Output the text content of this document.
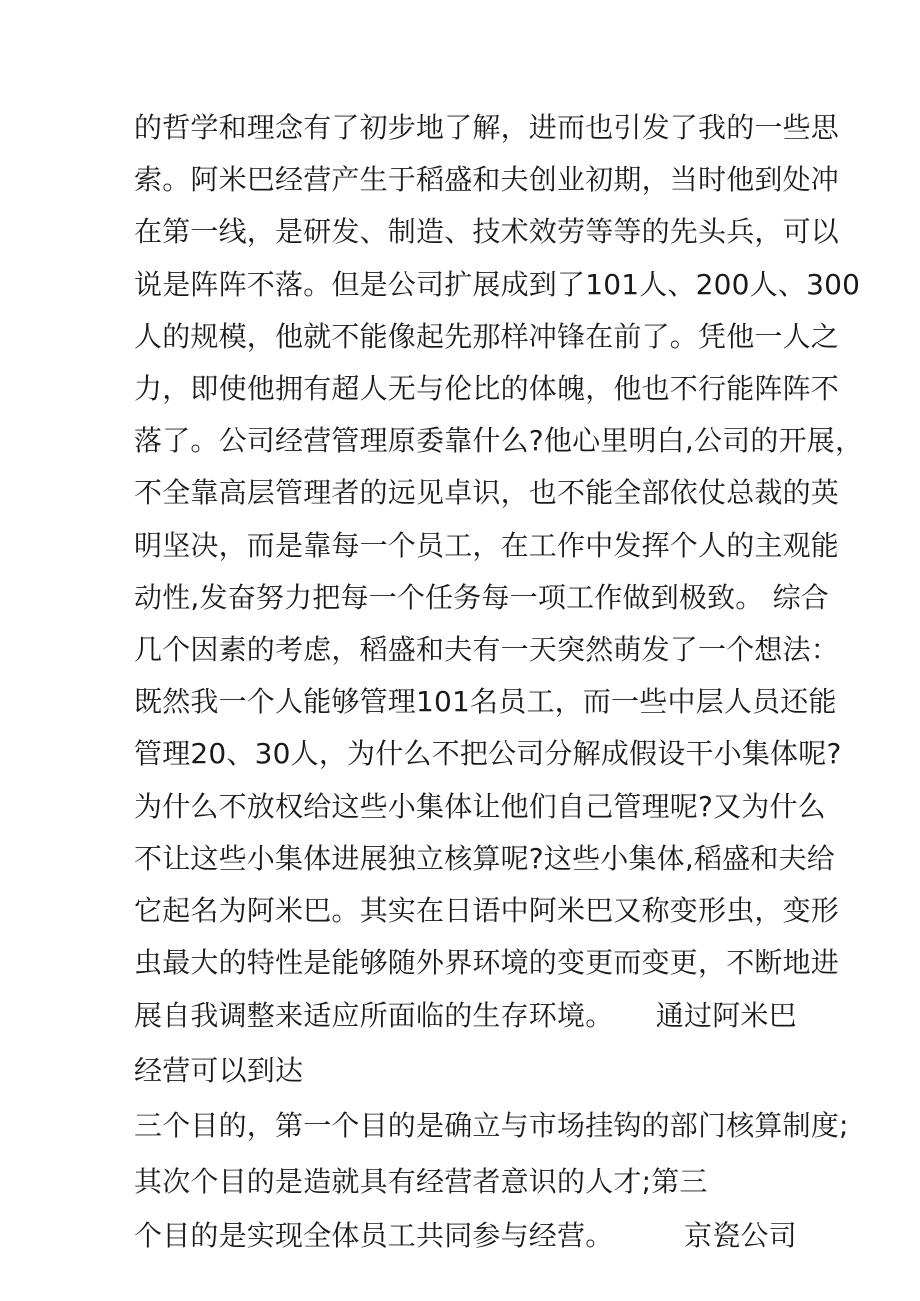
的哲学和理念有了初步地了解，进而也引发了我的一些思
索。阿米巴经营产生于稻盛和夫创业初期，当时他到处冲
在第一线，是研发、制造、技术效劳等等的先头兵，可以
说是阵阵不落。但是公司扩展成到了101人、200人、300
人的规模，他就不能像起先那样冲锋在前了。凭他一人之
力，即使他拥有超人无与伦比的体魄，他也不行能阵阵不
落了。公司经营管理原委靠什么?他心里明白,公司的开展，
不全靠高层管理者的远见卓识，也不能全部依仗总裁的英
明坚决，而是靠每一个员工，在工作中发挥个人的主观能
动性,发奋努力把每一个任务每一项工作做到极致。 综合
几个因素的考虑，稻盛和夫有一天突然萌发了一个想法：
既然我一个人能够管理101名员工，而一些中层人员还能
管理20、30人，为什么不把公司分解成假设干小集体呢?
为什么不放权给这些小集体让他们自己管理呢?又为什么
不让这些小集体进展独立核算呢?这些小集体,稻盛和夫给
它起名为阿米巴。其实在日语中阿米巴又称变形虫，变形
虫最大的特性是能够随外界环境的变更而变更，不断地进
展自我调整来适应所面临的生存环境。　　通过阿米巴
经营可以到达
三个目的，第一个目的是确立与市场挂钩的部门核算制度;
其次个目的是造就具有经营者意识的人才;第三
个目的是实现全体员工共同参与经营。　　　京瓷公司
